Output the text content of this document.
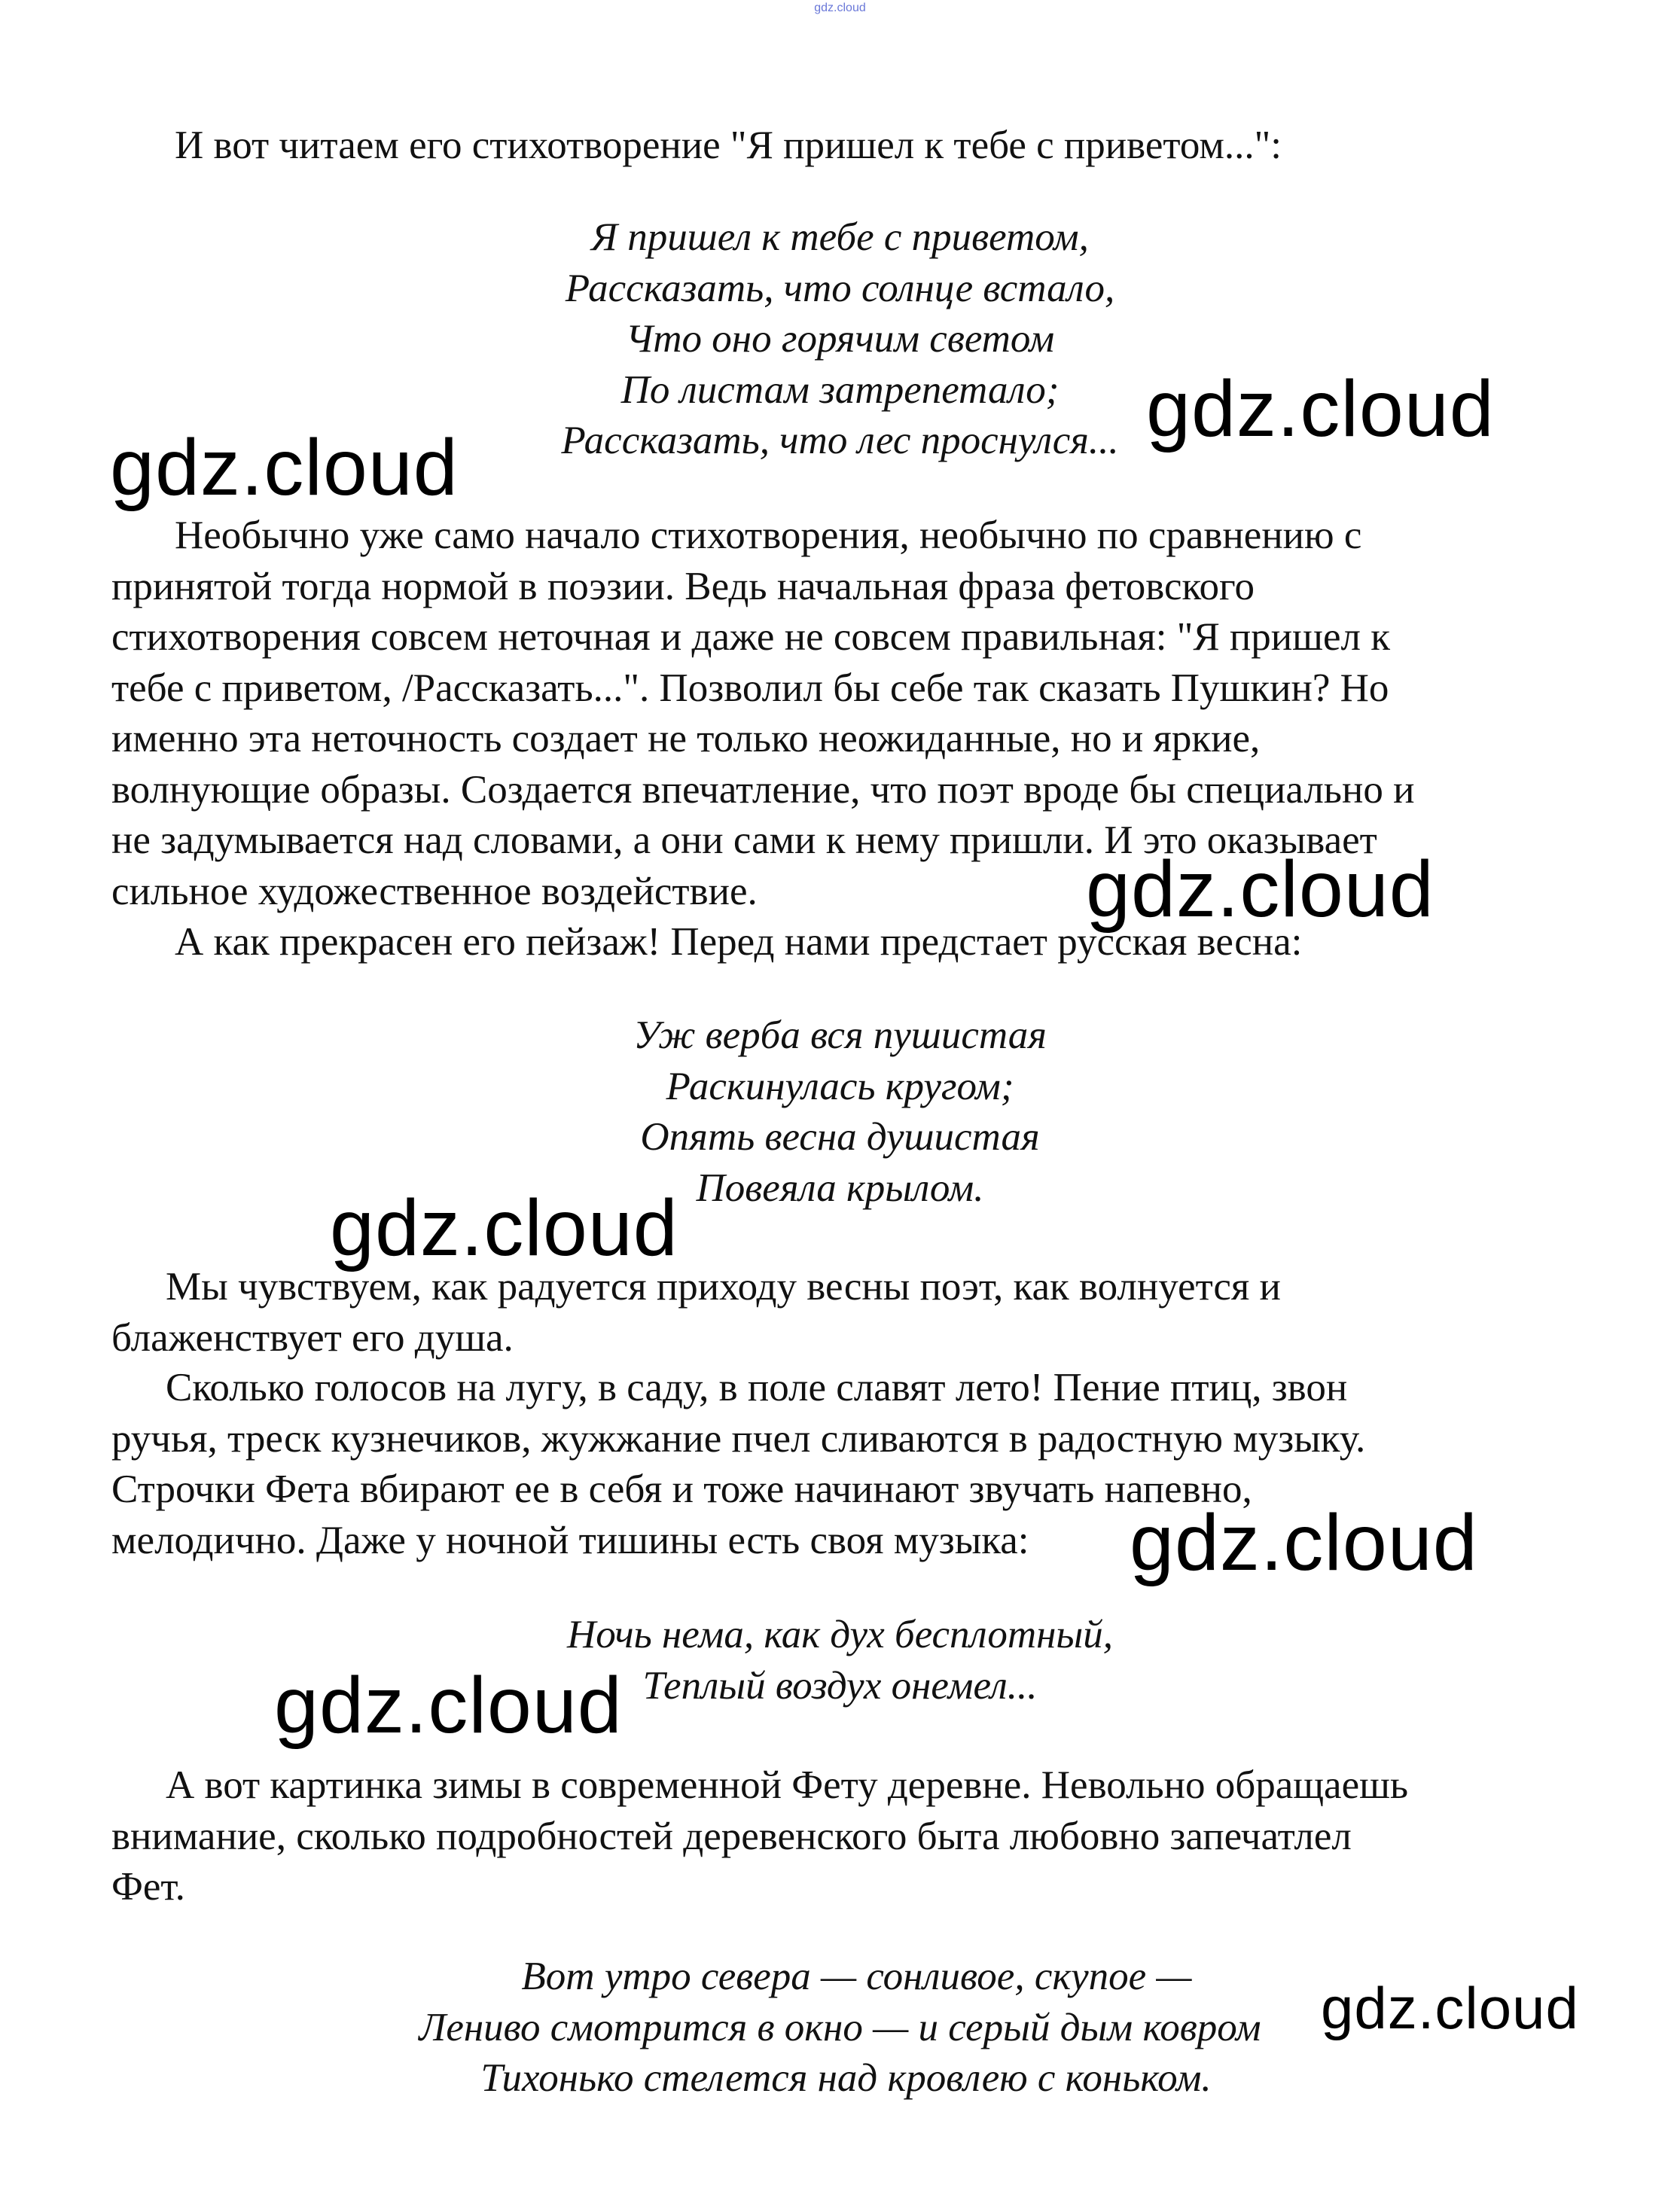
gdz.cloud

И вот читаем его стихотворение "Я пришел к тебе с приветом...":

Я пришел к тебе с приветом,
Рассказать, что солнце встало,
Что оно горячим светом
По листам затрепетало;
Рассказать, что лес проснулся...

Необычно уже само начало стихотворения, необычно по сравнению с
принятой тогда нормой в поэзии. Ведь начальная фраза фетовского
стихотворения совсем неточная и даже не совсем правильная: "Я пришел к
тебе с приветом, /Рассказать...". Позволил бы себе так сказать Пушкин? Но
именно эта неточность создает не только неожиданные, но и яркие,
волнующие образы. Создается впечатление, что поэт вроде бы специально и
не задумывается над словами, а они сами к нему пришли. И это оказывает
сильное художественное воздействие.

А как прекрасен его пейзаж! Перед нами предстает русская весна:

Уж верба вся пушистая
Раскинулась кругом;
Опять весна душистая
Повеяла крылом.

Мы чувствуем, как радуется приходу весны поэт, как волнуется и
блаженствует его душа.

Сколько голосов на лугу, в саду, в поле славят лето! Пение птиц, звон
ручья, треск кузнечиков, жужжание пчел сливаются в радостную музыку.
Строчки Фета вбирают ее в себя и тоже начинают звучать напевно,
мелодично. Даже у ночной тишины есть своя музыка:

Ночь нема, как дух бесплотный,
Теплый воздух онемел...

А вот картинка зимы в современной Фету деревне. Невольно обращаешь
внимание, сколько подробностей деревенского быта любовно запечатлел
Фет.

Вот утро севера — сонливое, скупое —
Лениво смотрится в окно — и серый дым ковром
Тихонько стелется над кровлею с коньком.

gdz.cloud
gdz.cloud
gdz.cloud
gdz.cloud
gdz.cloud
gdz.cloud
gdz.cloud
